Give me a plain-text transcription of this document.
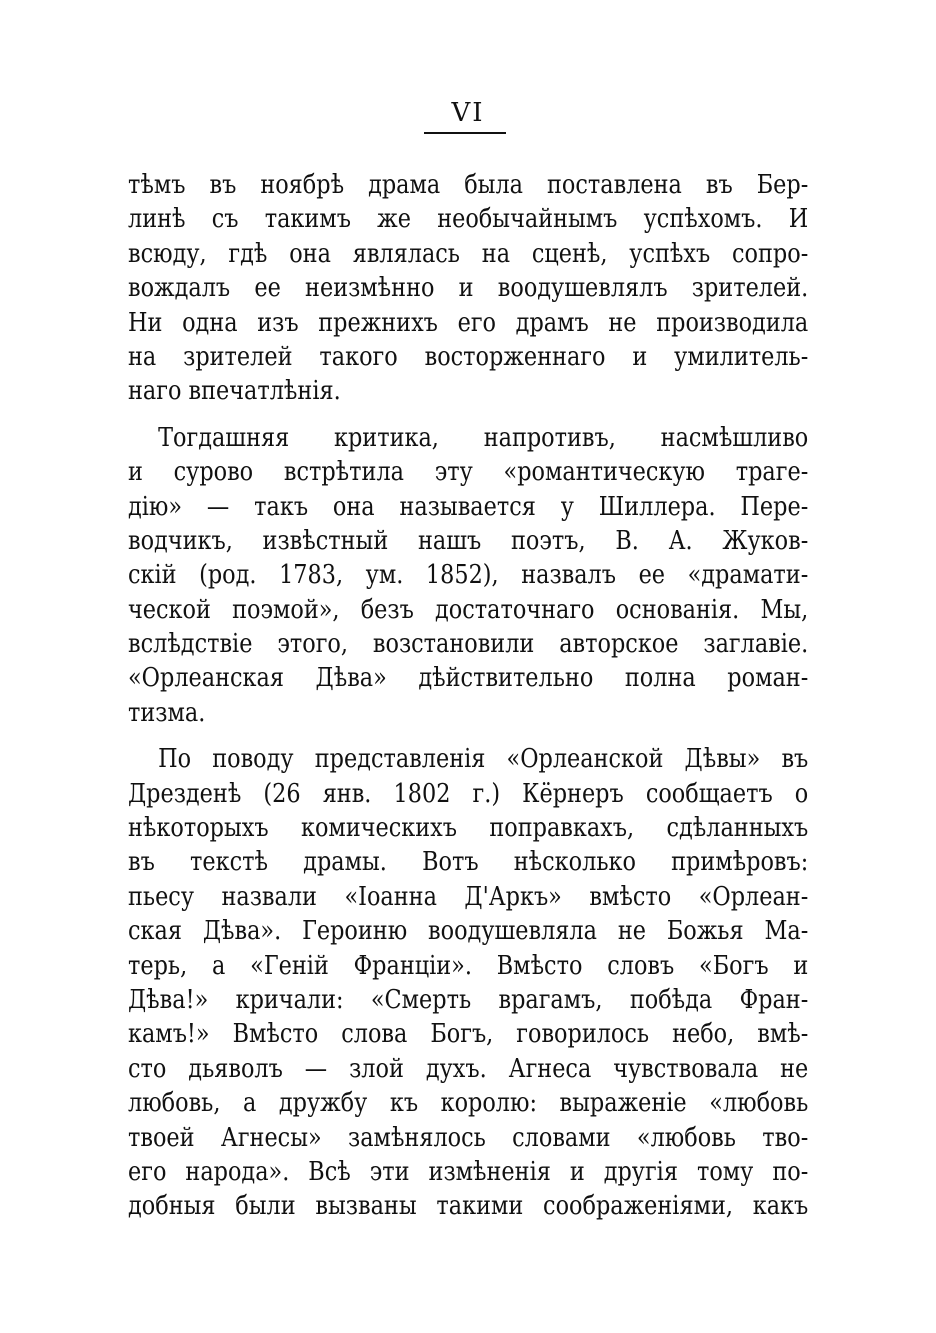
VI
тѣмъ въ ноябрѣ драма была поставлена въ Бер-
линѣ съ такимъ же необычайнымъ успѣхомъ. И
всюду, гдѣ она являлась на сценѣ, успѣхъ сопро-
вождалъ ее неизмѣнно и воодушевлялъ зрителей.
Ни одна изъ прежнихъ его драмъ не производила
на зрителей такого восторженнаго и умилитель-
наго впечатлѣнія.
Тогдашняя критика, напротивъ, насмѣшливо
и сурово встрѣтила эту «романтическую траге-
дію» — такъ она называется у Шиллера. Пере-
водчикъ, извѣстный нашъ поэтъ, В. А. Жуков-
скій (род. 1783, ум. 1852), назвалъ ее «драмати-
ческой поэмой», безъ достаточнаго основанія. Мы,
вслѣдствіе этого, возстановили авторское заглавіе.
«Орлеанская Дѣва» дѣйствительно полна роман-
тизма.
По поводу представленія «Орлеанской Дѣвы» въ
Дрезденѣ (26 янв. 1802 г.) Кёрнеръ сообщаетъ о
нѣкоторыхъ комическихъ поправкахъ, сдѣланныхъ
въ текстѣ драмы. Вотъ нѣсколько примѣровъ:
пьесу назвали «Іоанна Д'Аркъ» вмѣсто «Орлеан-
ская Дѣва». Героиню воодушевляла не Божья Ма-
терь, а «Геній Франціи». Вмѣсто словъ «Богъ и
Дѣва!» кричали: «Смерть врагамъ, побѣда Фран-
камъ!» Вмѣсто слова Богъ, говорилось небо, вмѣ-
сто дьяволъ — злой духъ. Агнеса чувствовала не
любовь, а дружбу къ королю: выраженіе «любовь
твоей Агнесы» замѣнялось словами «любовь тво-
его народа». Всѣ эти измѣненія и другія тому по-
добныя были вызваны такими соображеніями, какъ
